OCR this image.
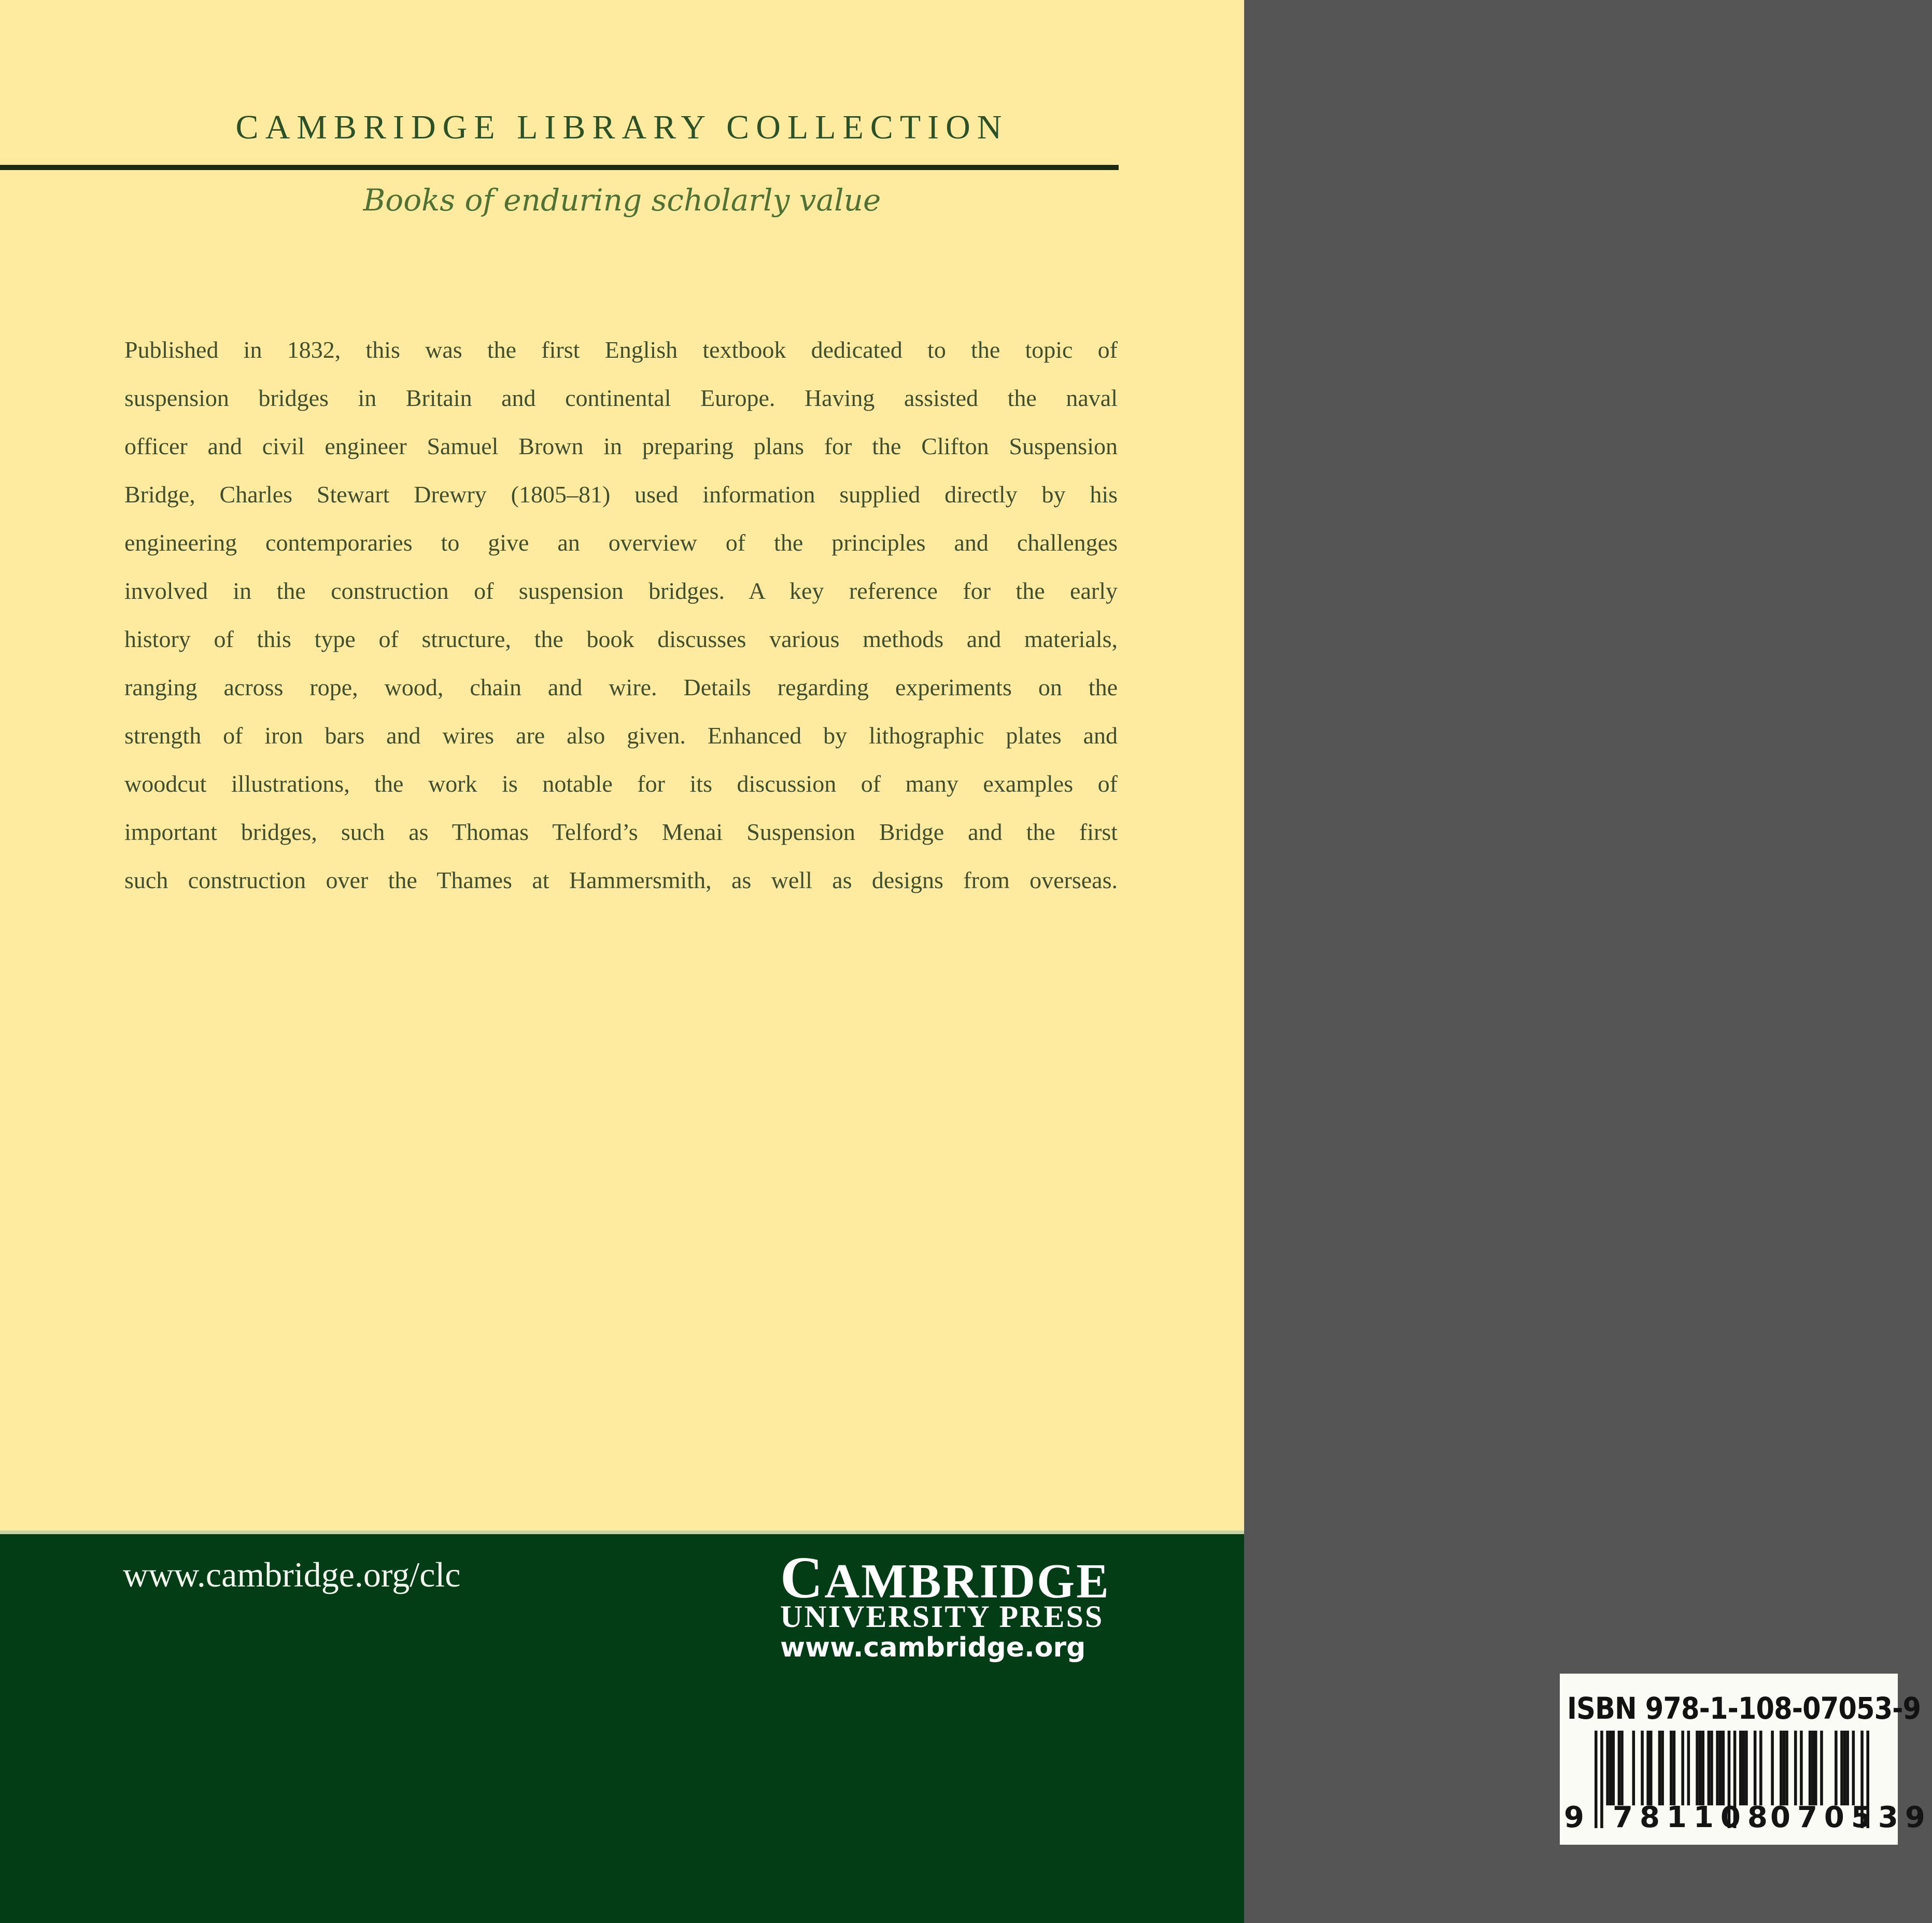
CAMBRIDGE LIBRARY COLLECTION
Books of enduring scholarly value
Published in 1832, this was the first English textbook dedicated to the topic of
suspension bridges in Britain and continental Europe. Having assisted the naval
officer and civil engineer Samuel Brown in preparing plans for the Clifton Suspension
Bridge, Charles Stewart Drewry (1805–81) used information supplied directly by his
engineering contemporaries to give an overview of the principles and challenges
involved in the construction of suspension bridges. A key reference for the early
history of this type of structure, the book discusses various methods and materials,
ranging across rope, wood, chain and wire. Details regarding experiments on the
strength of iron bars and wires are also given. Enhanced by lithographic plates and
woodcut illustrations, the work is notable for its discussion of many examples of
important bridges, such as Thomas Telford’s Menai Suspension Bridge and the first
such construction over the Thames at Hammersmith, as well as designs from overseas.
www.cambridge.org/clc	CAMBRIDGE
UNIVERSITY PRESS
www.cambridge.org
ISBN 978-1-108-07053-9
9 781108
070539
